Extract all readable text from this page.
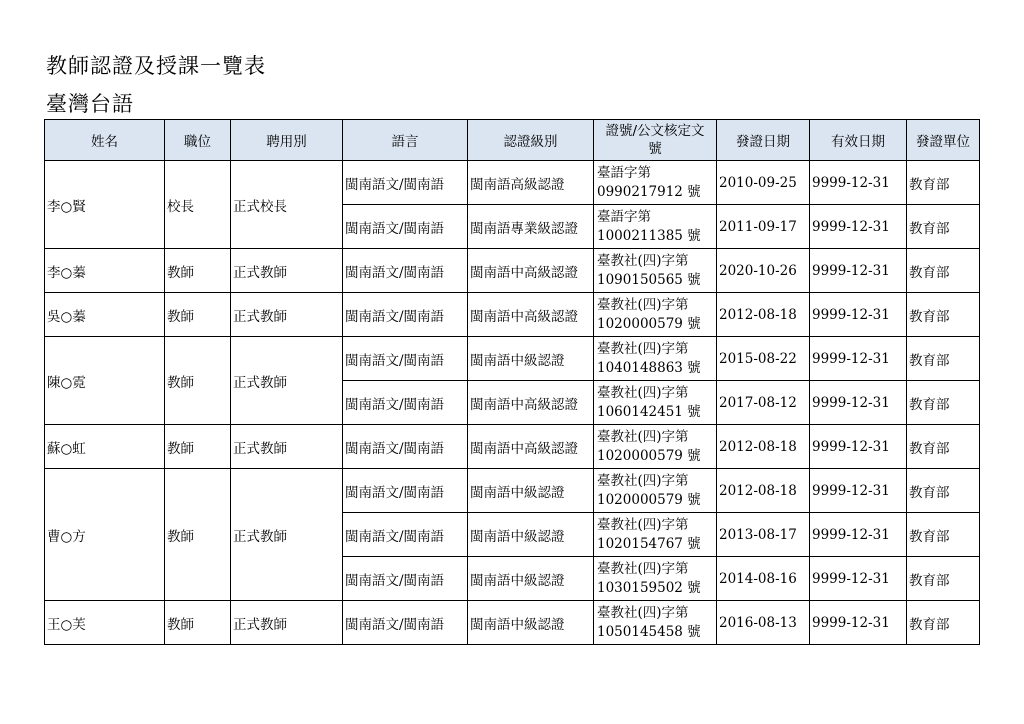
教師認證及授課一覽表
臺灣台語
姓名	職位	聘用別	語言	認證級別	證號/公文核定文號	發證日期	有效日期	發證單位
李○賢	校長	正式校長	閩南語文/閩南語	閩南語高級認證	臺語字第
0990217912 號	2010-09-25	9999-12-31	教育部
			閩南語文/閩南語	閩南語專業級認證	臺語字第
1000211385 號	2011-09-17	9999-12-31	教育部
李○蓁	教師	正式教師	閩南語文/閩南語	閩南語中高級認證	臺教社(四)字第
1090150565 號	2020-10-26	9999-12-31	教育部
吳○蓁	教師	正式教師	閩南語文/閩南語	閩南語中高級認證	臺教社(四)字第
1020000579 號	2012-08-18	9999-12-31	教育部
陳○霓	教師	正式教師	閩南語文/閩南語	閩南語中級認證	臺教社(四)字第
1040148863 號	2015-08-22	9999-12-31	教育部
			閩南語文/閩南語	閩南語中高級認證	臺教社(四)字第
1060142451 號	2017-08-12	9999-12-31	教育部
蘇○虹	教師	正式教師	閩南語文/閩南語	閩南語中高級認證	臺教社(四)字第
1020000579 號	2012-08-18	9999-12-31	教育部
曹○方	教師	正式教師	閩南語文/閩南語	閩南語中級認證	臺教社(四)字第
1020000579 號	2012-08-18	9999-12-31	教育部
			閩南語文/閩南語	閩南語中級認證	臺教社(四)字第
1020154767 號	2013-08-17	9999-12-31	教育部
			閩南語文/閩南語	閩南語中級認證	臺教社(四)字第
1030159502 號	2014-08-16	9999-12-31	教育部
王○芙	教師	正式教師	閩南語文/閩南語	閩南語中級認證	臺教社(四)字第
1050145458 號	2016-08-13	9999-12-31	教育部
